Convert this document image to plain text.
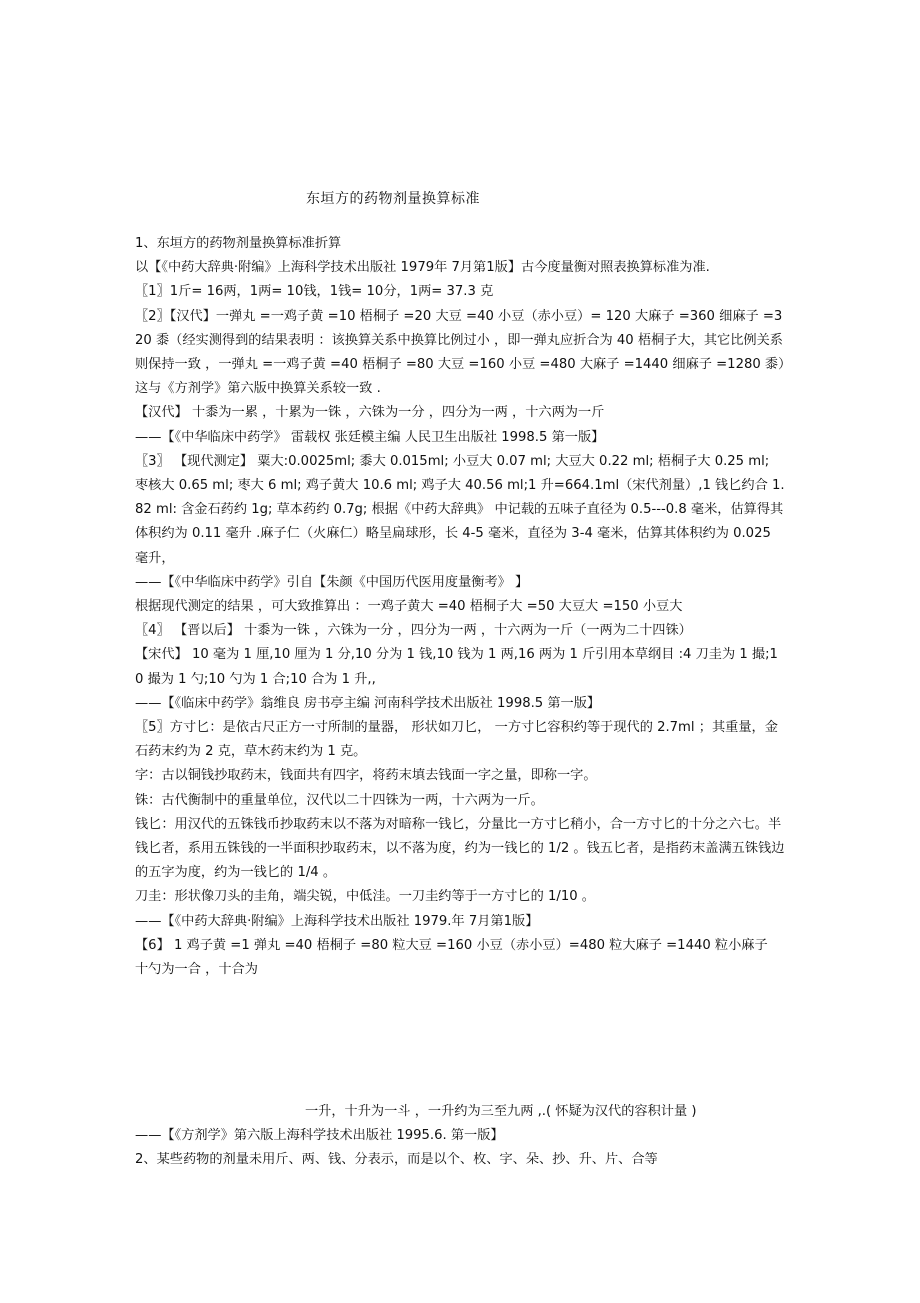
东垣方的药物剂量换算标准

1、东垣方的药物剂量换算标准折算

以【《中药大辞典·附编》上海科学技术出版社 1979年 7月第1版】古今度量衡对照表换算标准为准.

〖1〗1斤= 16两，1两= 10钱，1钱= 10分，1两= 37.3 克

〖2〗【汉代】一弹丸 =一鸡子黄 =10 梧桐子 =20 大豆 =40 小豆（赤小豆）= 120 大麻子 =360 细麻子 =320 黍（经实测得到的结果表明 ：该换算关系中换算比例过小 ，即一弹丸应折合为 40 梧桐子大，其它比例关系则保持一致 ，一弹丸 =一鸡子黄 =40 梧桐子 =80 大豆 =160 小豆 =480 大麻子 =1440 细麻子 =1280 黍）这与《方剂学》第六版中换算关系较一致 .

【汉代】 十黍为一累 ，十累为一铢 ，六铢为一分 ，四分为一两 ，十六两为一斤

——【《中华临床中药学》 雷载权 张廷模主编 人民卫生出版社 1998.5 第一版】

〖3〗 【现代测定】 粟大:0.0025ml; 黍大 0.015ml; 小豆大 0.07 ml; 大豆大 0.22 ml; 梧桐子大 0.25 ml; 枣核大 0.65 ml; 枣大 6 ml; 鸡子黄大 10.6 ml; 鸡子大 40.56 ml;1 升=664.1ml（宋代剂量）,1 钱匕约合 1.82 ml: 含金石药约 1g; 草本药约 0.7g; 根据《中药大辞典》 中记载的五味子直径为 0.5---0.8 毫米，估算得其体积约为 0.11 毫升 .麻子仁（火麻仁）略呈扁球形，长 4-5 毫米，直径为 3-4 毫米，估算其体积约为 0.025 毫升，

——【《中华临床中药学》引自【朱颜《中国历代医用度量衡考》 】

根据现代测定的结果 ，可大致推算出 ：一鸡子黄大 =40 梧桐子大 =50 大豆大 =150 小豆大

〖4〗 【晋以后】 十黍为一铢 ，六铢为一分 ，四分为一两 ，十六两为一斤（一两为二十四铢）

【宋代】 10 毫为 1 厘,10 厘为 1 分,10 分为 1 钱,10 钱为 1 两,16 两为 1 斤引用本草纲目 :4 刀圭为 1 撮;10 撮为 1 勺;10 勺为 1 合;10 合为 1 升,,

——【《临床中药学》翁维良 房书亭主编 河南科学技术出版社 1998.5 第一版】

〖5〗方寸匕：是依古尺正方一寸所制的量器， 形状如刀匕， 一方寸匕容积约等于现代的 2.7ml ；其重量，金石药末约为 2 克，草木药末约为 1 克。

字：古以铜钱抄取药末，钱面共有四字，将药末填去钱面一字之量，即称一字。

铢：古代衡制中的重量单位，汉代以二十四铢为一两，十六两为一斤。

钱匕：用汉代的五铢钱币抄取药末以不落为对暗称一钱匕，分量比一方寸匕稍小，合一方寸匕的十分之六七。半钱匕者，系用五铢钱的一半面积抄取药末，以不落为度，约为一钱匕的 1/2 。钱五匕者，是指药末盖满五铢钱边的五字为度，约为一钱匕的 1/4 。

刀圭：形状像刀头的圭角，端尖锐，中低洼。一刀圭约等于一方寸匕的 1/10 。

——【《中药大辞典·附编》上海科学技术出版社 1979.年 7月第1版】

【6】 1 鸡子黄 =1 弹丸 =40 梧桐子 =80 粒大豆 =160 小豆（赤小豆）=480 粒大麻子 =1440 粒小麻子

十勺为一合 ，十合为

一升，十升为一斗 ，一升约为三至九两 ,.( 怀疑为汉代的容积计量 )

——【《方剂学》第六版上海科学技术出版社 1995.6. 第一版】

2、某些药物的剂量未用斤、两、钱、分表示，而是以个、枚、字、朵、抄、升、片、合等
